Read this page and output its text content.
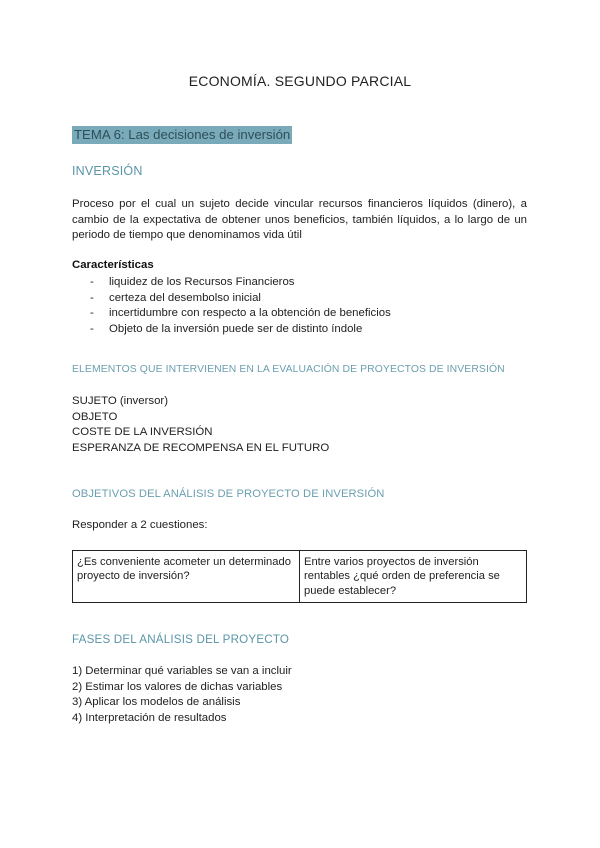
ECONOMÍA. SEGUNDO PARCIAL
TEMA 6: Las decisiones de inversión
INVERSIÓN
Proceso por el cual un sujeto decide vincular recursos financieros líquidos (dinero), a cambio de la expectativa de obtener unos beneficios, también líquidos, a lo largo de un periodo de tiempo que denominamos vida útil
Características
- liquidez de los Recursos Financieros
- certeza del desembolso inicial
- incertidumbre con respecto a la obtención de beneficios
- Objeto de la inversión puede ser de distinto índole
ELEMENTOS QUE INTERVIENEN EN LA EVALUACIÓN DE PROYECTOS DE INVERSIÓN
SUJETO (inversor)
OBJETO
COSTE DE LA INVERSIÓN
ESPERANZA DE RECOMPENSA EN EL FUTURO
OBJETIVOS DEL ANÁLISIS DE PROYECTO DE INVERSIÓN
Responder a 2 cuestiones:
¿Es conveniente acometer un determinado proyecto de inversión?	Entre varios proyectos de inversión rentables ¿qué orden de preferencia se puede establecer?
FASES DEL ANÁLISIS DEL PROYECTO
1) Determinar qué variables se van a incluir
2) Estimar los valores de dichas variables
3) Aplicar los modelos de análisis
4) Interpretación de resultados
